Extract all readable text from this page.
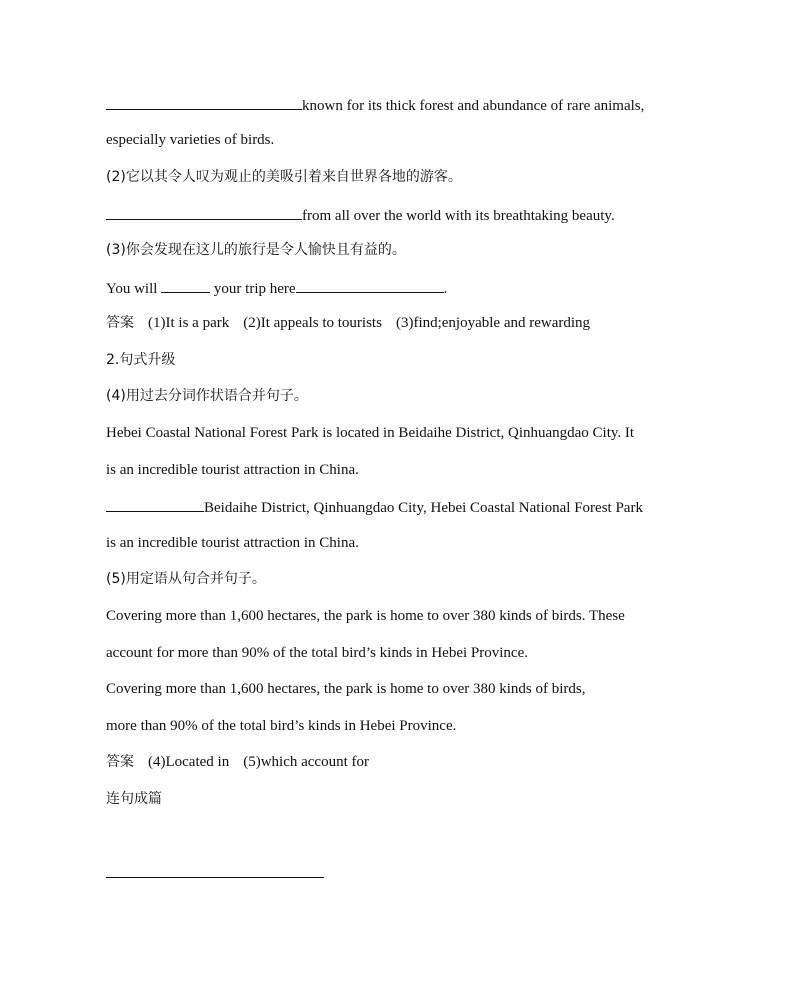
known for its thick forest and abundance of rare animals,
especially varieties of birds.
(2)它以其令人叹为观止的美吸引着来自世界各地的游客。
from all over the world with its breathtaking beauty.
(3)你会发现在这儿的旅行是令人愉快且有益的。
You will	your trip here	.
答案 (1)It is a park (2)It appeals to tourists (3)find;enjoyable and rewarding
2.句式升级
(4)用过去分词作状语合并句子。
Hebei Coastal National Forest Park is located in Beidaihe District, Qinhuangdao City. It
is an incredible tourist attraction in China.
Beidaihe District, Qinhuangdao City, Hebei Coastal National Forest Park
is an incredible tourist attraction in China.
(5)用定语从句合并句子。
Covering more than 1,600 hectares, the park is home to over 380 kinds of birds. These
account for more than 90% of the total bird’s kinds in Hebei Province.
Covering more than 1,600 hectares, the park is home to over 380 kinds of birds,
more than 90% of the total bird’s kinds in Hebei Province.
答案 (4)Located in (5)which account for
连句成篇
